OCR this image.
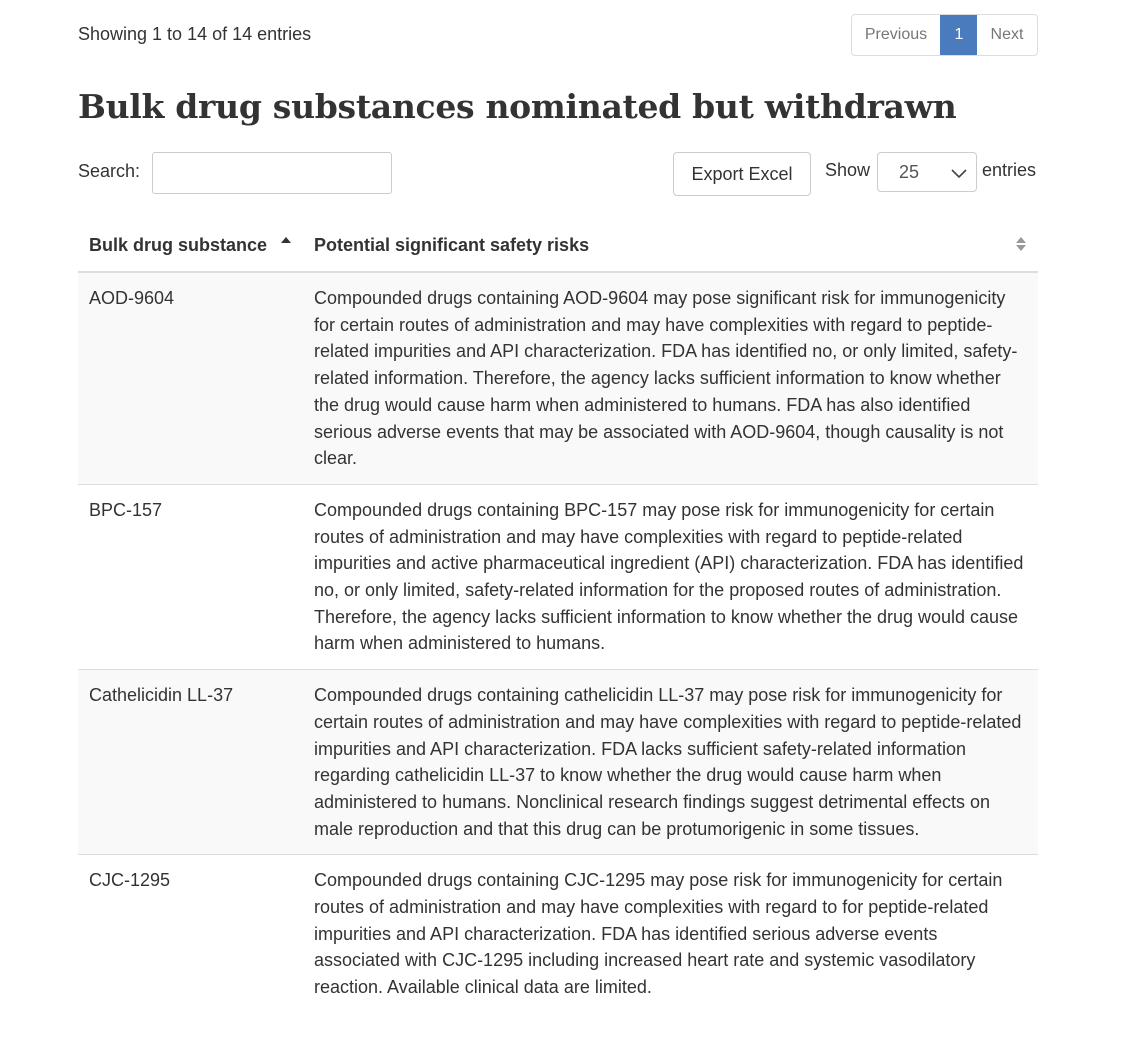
Showing 1 to 14 of 14 entries	Previous	1	Next
Bulk drug substances nominated but withdrawn
Search:	Export Excel	Show 25	entries
Bulk drug substance	Potential significant safety risks

AOD-9604	Compounded drugs containing AOD-9604 may pose significant risk for immunogenicity for certain routes of administration and may have complexities with regard to peptide-related impurities and API characterization. FDA has identified no, or only limited, safety-related information. Therefore, the agency lacks sufficient information to know whether the drug would cause harm when administered to humans. FDA has also identified serious adverse events that may be associated with AOD-9604, though causality is not clear.
BPC-157	Compounded drugs containing BPC-157 may pose risk for immunogenicity for certain routes of administration and may have complexities with regard to peptide-related impurities and active pharmaceutical ingredient (API) characterization. FDA has identified no, or only limited, safety-related information for the proposed routes of administration. Therefore, the agency lacks sufficient information to know whether the drug would cause harm when administered to humans.
Cathelicidin LL-37	Compounded drugs containing cathelicidin LL-37 may pose risk for immunogenicity for certain routes of administration and may have complexities with regard to peptide-related impurities and API characterization. FDA lacks sufficient safety-related information regarding cathelicidin LL-37 to know whether the drug would cause harm when administered to humans. Nonclinical research findings suggest detrimental effects on male reproduction and that this drug can be protumorigenic in some tissues.
CJC-1295	Compounded drugs containing CJC-1295 may pose risk for immunogenicity for certain routes of administration and may have complexities with regard to for peptide-related impurities and API characterization. FDA has identified serious adverse events associated with CJC-1295 including increased heart rate and systemic vasodilatory reaction. Available clinical data are limited.
